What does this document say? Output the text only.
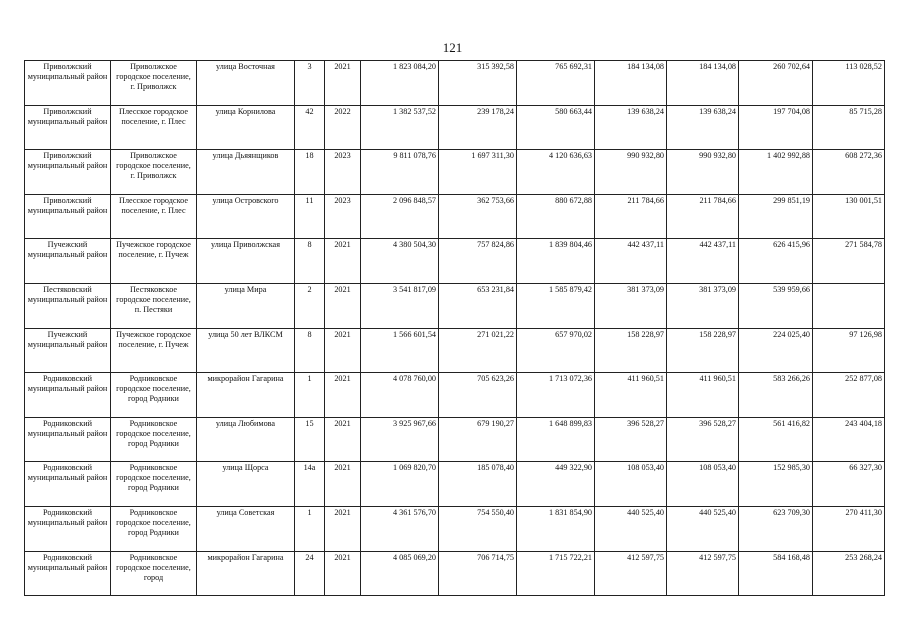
121
Приволжский муниципальный район	Приволжское городское поселение, г. Приволжск	улица Восточная	3	2021	1 823 084,20	315 392,58	765 692,31	184 134,08	184 134,08	260 702,64	113 028,52
Приволжский муниципальный район	Плесское городское поселение, г. Плес	улица Корнилова	42	2022	1 382 537,52	239 178,24	580 663,44	139 638,24	139 638,24	197 704,08	85 715,28
Приволжский муниципальный район	Приволжское городское поселение, г. Приволжск	улица Дьяянщиков	18	2023	9 811 078,76	1 697 311,30	4 120 636,63	990 932,80	990 932,80	1 402 992,88	608 272,36
Приволжский муниципальный район	Плесское городское поселение, г. Плес	улица Островского	11	2023	2 096 848,57	362 753,66	880 672,88	211 784,66	211 784,66	299 851,19	130 001,51
Пучежский муниципальный район	Пучежское городское поселение, г. Пучеж	улица Приволжская	8	2021	4 380 504,30	757 824,86	1 839 804,46	442 437,11	442 437,11	626 415,96	271 584,78
Пестяковский муниципальный район	Пестяковское городское поселение, п. Пестяки	улица Мира	2	2021	3 541 817,09	653 231,84	1 585 879,42	381 373,09	381 373,09	539 959,66	
Пучежский муниципальный район	Пучежское городское поселение, г. Пучеж	улица 50 лет ВЛКСМ	8	2021	1 566 601,54	271 021,22	657 970,02	158 228,97	158 228,97	224 025,40	97 126,98
Родниковский муниципальный район	Родниковское городское поселение, город Родники	микрорайон Гагарина	1	2021	4 078 760,00	705 623,26	1 713 072,36	411 960,51	411 960,51	583 266,26	252 877,08
Родниковский муниципальный район	Родниковское городское поселение, город Родники	улица Любимова	15	2021	3 925 967,66	679 190,27	1 648 899,83	396 528,27	396 528,27	561 416,82	243 404,18
Родниковский муниципальный район	Родниковское городское поселение, город Родники	улица Щорса	14а	2021	1 069 820,70	185 078,40	449 322,90	108 053,40	108 053,40	152 985,30	66 327,30
Родниковский муниципальный район	Родниковское городское поселение, город Родники	улица Советская	1	2021	4 361 576,70	754 550,40	1 831 854,90	440 525,40	440 525,40	623 709,30	270 411,30
Родниковский муниципальный район	Родниковское городское поселение, город	микрорайон Гагарина	24	2021	4 085 069,20	706 714,75	1 715 722,21	412 597,75	412 597,75	584 168,48	253 268,24
